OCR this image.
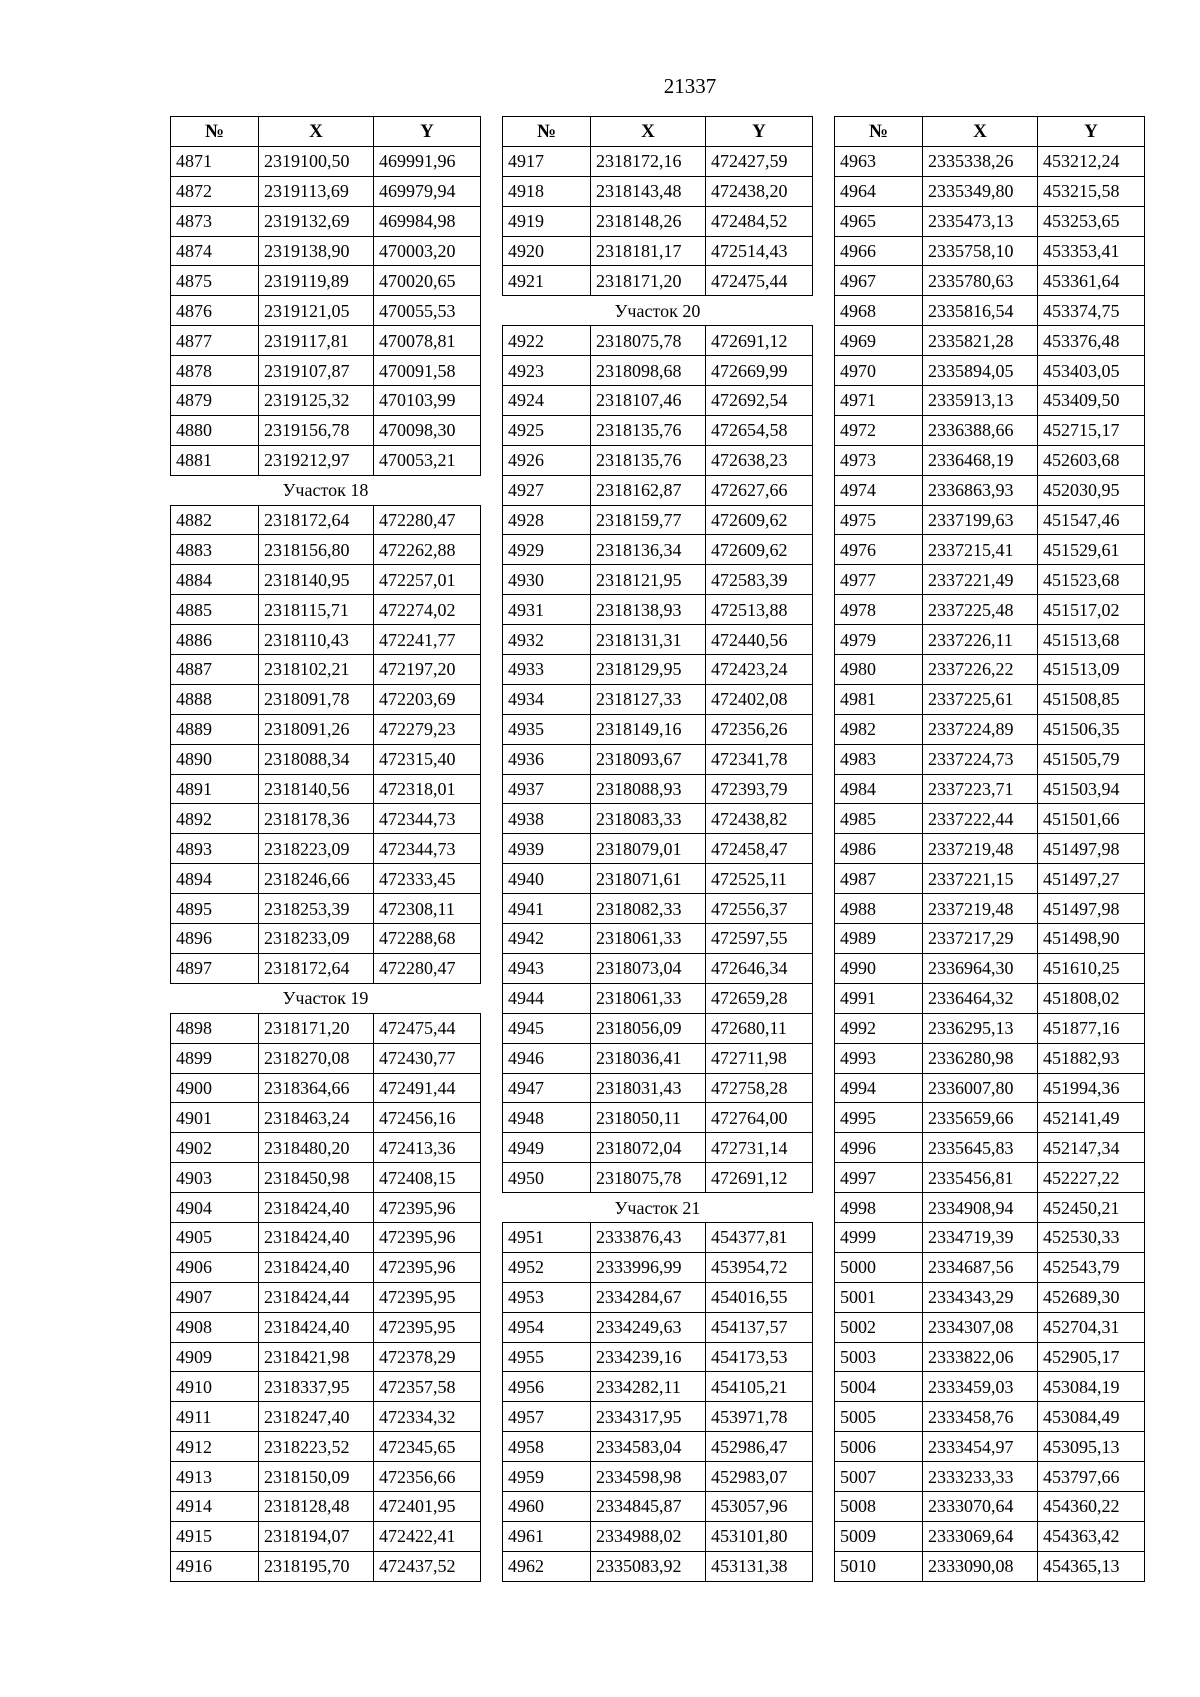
21337
№	X	Y
4871	2319100,50	469991,96
4872	2319113,69	469979,94
4873	2319132,69	469984,98
4874	2319138,90	470003,20
4875	2319119,89	470020,65
4876	2319121,05	470055,53
4877	2319117,81	470078,81
4878	2319107,87	470091,58
4879	2319125,32	470103,99
4880	2319156,78	470098,30
4881	2319212,97	470053,21
Участок 18		
4882	2318172,64	472280,47
4883	2318156,80	472262,88
4884	2318140,95	472257,01
4885	2318115,71	472274,02
4886	2318110,43	472241,77
4887	2318102,21	472197,20
4888	2318091,78	472203,69
4889	2318091,26	472279,23
4890	2318088,34	472315,40
4891	2318140,56	472318,01
4892	2318178,36	472344,73
4893	2318223,09	472344,73
4894	2318246,66	472333,45
4895	2318253,39	472308,11
4896	2318233,09	472288,68
4897	2318172,64	472280,47
Участок 19		
4898	2318171,20	472475,44
4899	2318270,08	472430,77
4900	2318364,66	472491,44
4901	2318463,24	472456,16
4902	2318480,20	472413,36
4903	2318450,98	472408,15
4904	2318424,40	472395,96
4905	2318424,40	472395,96
4906	2318424,40	472395,96
4907	2318424,44	472395,95
4908	2318424,40	472395,95
4909	2318421,98	472378,29
4910	2318337,95	472357,58
4911	2318247,40	472334,32
4912	2318223,52	472345,65
4913	2318150,09	472356,66
4914	2318128,48	472401,95
4915	2318194,07	472422,41
4916	2318195,70	472437,52
№	X	Y
4917	2318172,16	472427,59
4918	2318143,48	472438,20
4919	2318148,26	472484,52
4920	2318181,17	472514,43
4921	2318171,20	472475,44
Участок 20		
4922	2318075,78	472691,12
4923	2318098,68	472669,99
4924	2318107,46	472692,54
4925	2318135,76	472654,58
4926	2318135,76	472638,23
4927	2318162,87	472627,66
4928	2318159,77	472609,62
4929	2318136,34	472609,62
4930	2318121,95	472583,39
4931	2318138,93	472513,88
4932	2318131,31	472440,56
4933	2318129,95	472423,24
4934	2318127,33	472402,08
4935	2318149,16	472356,26
4936	2318093,67	472341,78
4937	2318088,93	472393,79
4938	2318083,33	472438,82
4939	2318079,01	472458,47
4940	2318071,61	472525,11
4941	2318082,33	472556,37
4942	2318061,33	472597,55
4943	2318073,04	472646,34
4944	2318061,33	472659,28
4945	2318056,09	472680,11
4946	2318036,41	472711,98
4947	2318031,43	472758,28
4948	2318050,11	472764,00
4949	2318072,04	472731,14
4950	2318075,78	472691,12
Участок 21		
4951	2333876,43	454377,81
4952	2333996,99	453954,72
4953	2334284,67	454016,55
4954	2334249,63	454137,57
4955	2334239,16	454173,53
4956	2334282,11	454105,21
4957	2334317,95	453971,78
4958	2334583,04	452986,47
4959	2334598,98	452983,07
4960	2334845,87	453057,96
4961	2334988,02	453101,80
4962	2335083,92	453131,38
№	X	Y
4963	2335338,26	453212,24
4964	2335349,80	453215,58
4965	2335473,13	453253,65
4966	2335758,10	453353,41
4967	2335780,63	453361,64
4968	2335816,54	453374,75
4969	2335821,28	453376,48
4970	2335894,05	453403,05
4971	2335913,13	453409,50
4972	2336388,66	452715,17
4973	2336468,19	452603,68
4974	2336863,93	452030,95
4975	2337199,63	451547,46
4976	2337215,41	451529,61
4977	2337221,49	451523,68
4978	2337225,48	451517,02
4979	2337226,11	451513,68
4980	2337226,22	451513,09
4981	2337225,61	451508,85
4982	2337224,89	451506,35
4983	2337224,73	451505,79
4984	2337223,71	451503,94
4985	2337222,44	451501,66
4986	2337219,48	451497,98
4987	2337221,15	451497,27
4988	2337219,48	451497,98
4989	2337217,29	451498,90
4990	2336964,30	451610,25
4991	2336464,32	451808,02
4992	2336295,13	451877,16
4993	2336280,98	451882,93
4994	2336007,80	451994,36
4995	2335659,66	452141,49
4996	2335645,83	452147,34
4997	2335456,81	452227,22
4998	2334908,94	452450,21
4999	2334719,39	452530,33
5000	2334687,56	452543,79
5001	2334343,29	452689,30
5002	2334307,08	452704,31
5003	2333822,06	452905,17
5004	2333459,03	453084,19
5005	2333458,76	453084,49
5006	2333454,97	453095,13
5007	2333233,33	453797,66
5008	2333070,64	454360,22
5009	2333069,64	454363,42
5010	2333090,08	454365,13
